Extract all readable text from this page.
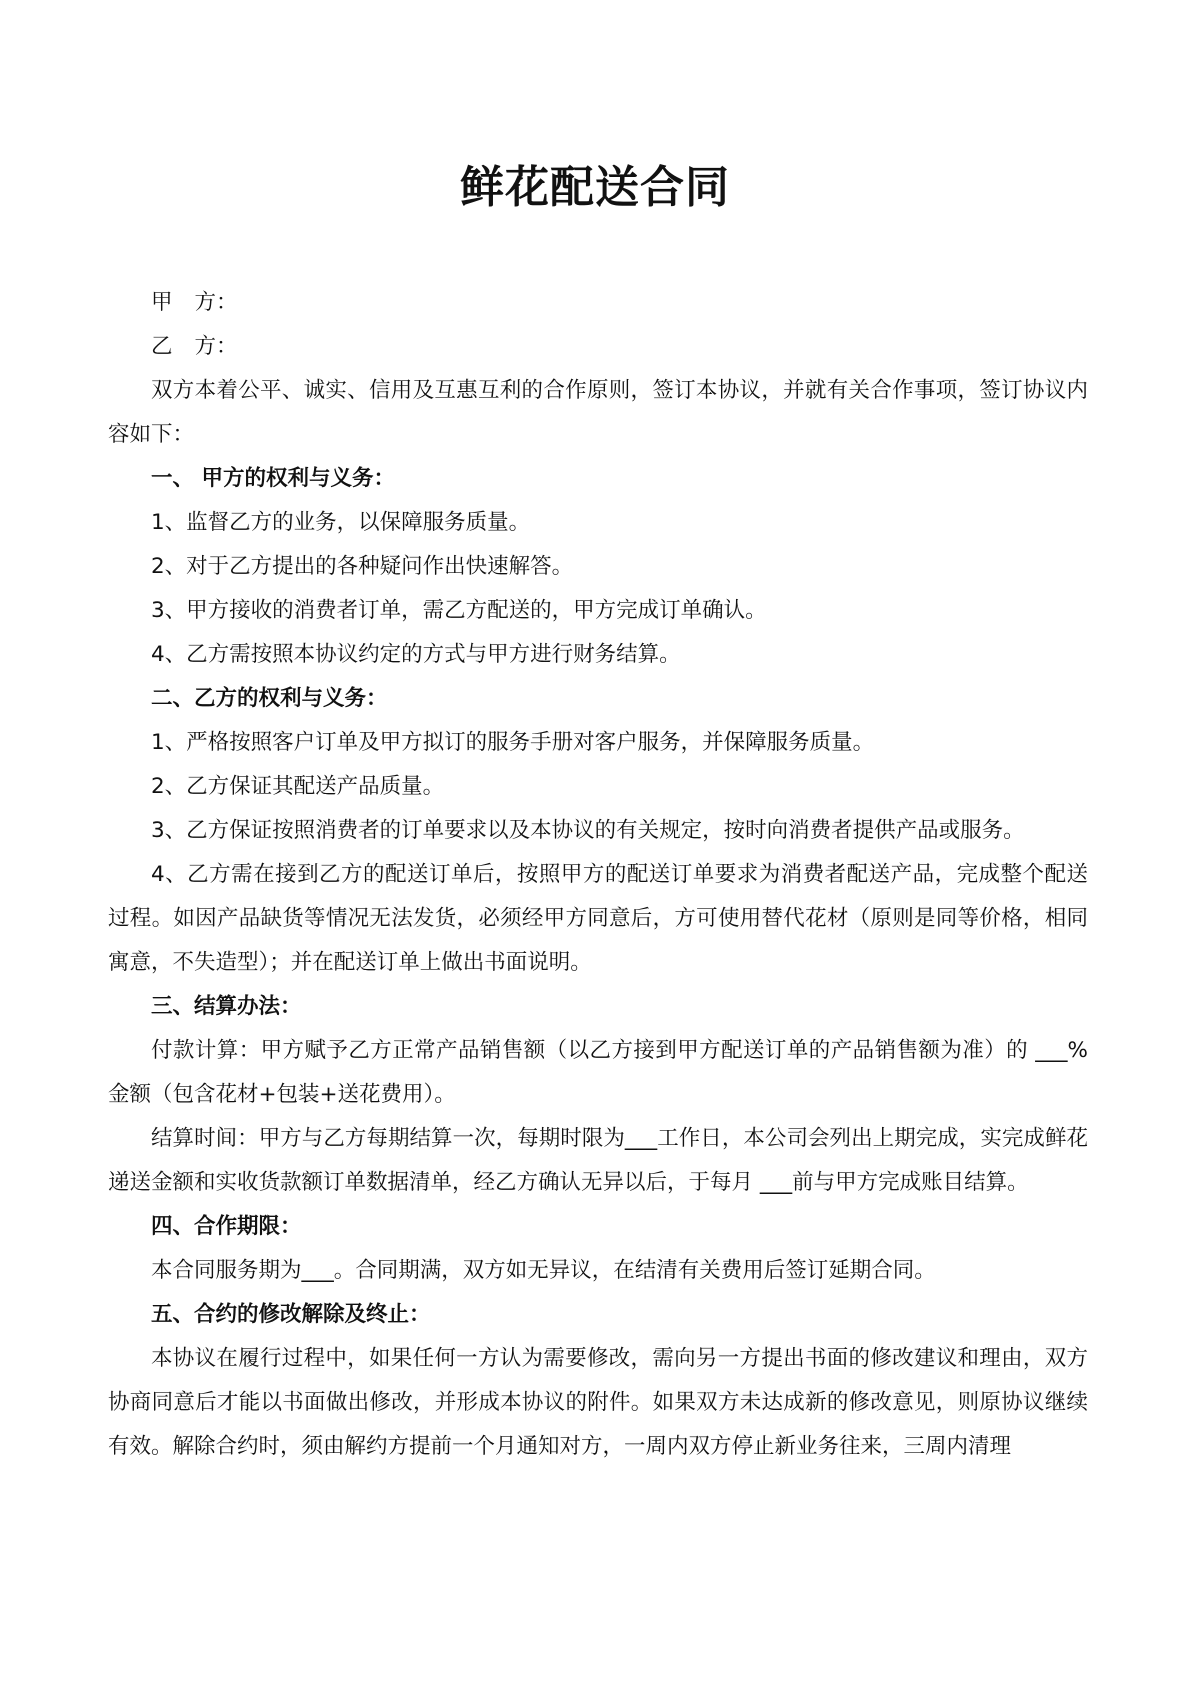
鲜花配送合同

甲 方：

乙 方：

双方本着公平、诚实、信用及互惠互利的合作原则，签订本协议，并就有关合作事项，签订协议内容如下：

一、 甲方的权利与义务：

1、监督乙方的业务，以保障服务质量。

2、对于乙方提出的各种疑问作出快速解答。

3、甲方接收的消费者订单，需乙方配送的，甲方完成订单确认。

4、乙方需按照本协议约定的方式与甲方进行财务结算。

二、乙方的权利与义务：

1、严格按照客户订单及甲方拟订的服务手册对客户服务，并保障服务质量。

2、乙方保证其配送产品质量。

3、乙方保证按照消费者的订单要求以及本协议的有关规定，按时向消费者提供产品或服务。

4、乙方需在接到乙方的配送订单后，按照甲方的配送订单要求为消费者配送产品，完成整个配送过程。如因产品缺货等情况无法发货，必须经甲方同意后，方可使用替代花材（原则是同等价格，相同寓意，不失造型）；并在配送订单上做出书面说明。

三、结算办法：

付款计算：甲方赋予乙方正常产品销售额（以乙方接到甲方配送订单的产品销售额为准）的 ___%金额（包含花材+包装+送花费用）。

结算时间：甲方与乙方每期结算一次，每期时限为___工作日，本公司会列出上期完成，实完成鲜花递送金额和实收货款额订单数据清单，经乙方确认无异以后，于每月 ___前与甲方完成账目结算。

四、合作期限：

本合同服务期为___。合同期满，双方如无异议，在结清有关费用后签订延期合同。

五、合约的修改解除及终止：

本协议在履行过程中，如果任何一方认为需要修改，需向另一方提出书面的修改建议和理由，双方协商同意后才能以书面做出修改，并形成本协议的附件。如果双方未达成新的修改意见，则原协议继续有效。解除合约时，须由解约方提前一个月通知对方，一周内双方停止新业务往来，三周内清理
